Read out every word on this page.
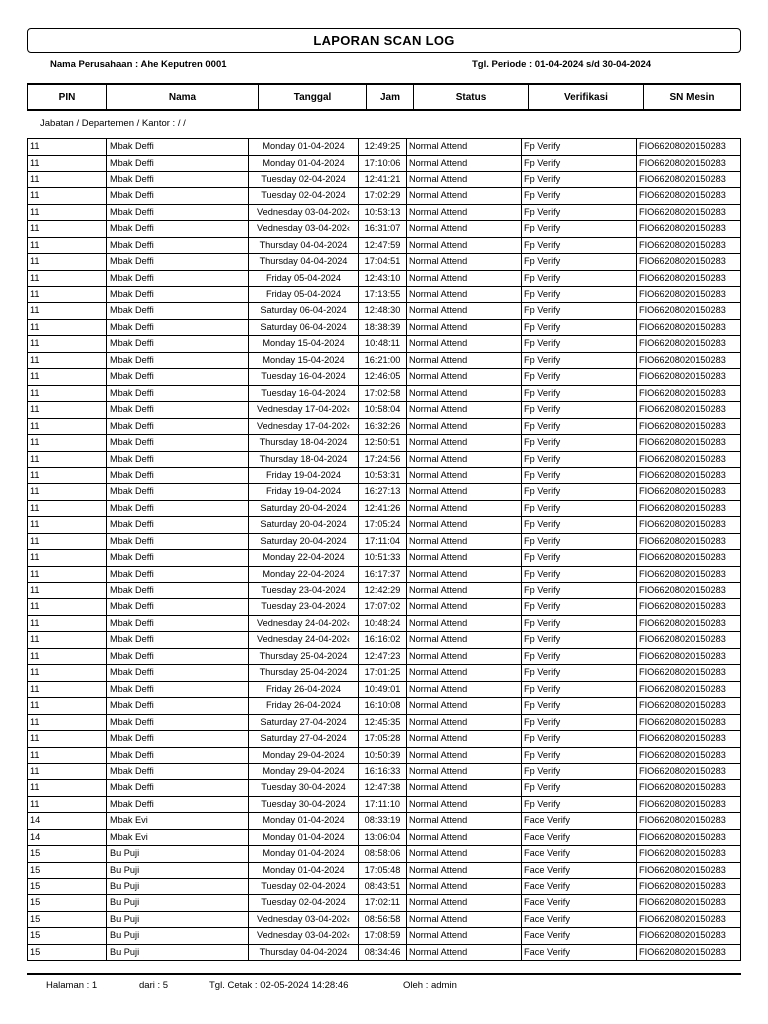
LAPORAN SCAN LOG
Nama Perusahaan : Ahe Keputren 0001	Tgl. Periode : 01-04-2024 s/d 30-04-2024
PIN	Nama	Tanggal	Jam	Status	Verifikasi	SN Mesin
Jabatan / Departemen / Kantor : / /
11	Mbak Deffi	Monday 01-04-2024	12:49:25 Normal Attend	Fp Verify	FIO66208020150283
11	Mbak Deffi	Monday 01-04-2024	17:10:06 Normal Attend	Fp Verify	FIO66208020150283
11	Mbak Deffi	Tuesday 02-04-2024	12:41:21 Normal Attend	Fp Verify	FIO66208020150283
11	Mbak Deffi	Tuesday 02-04-2024	17:02:29 Normal Attend	Fp Verify	FIO66208020150283
11	Mbak Deffi	Vednesday 03-04-202‹	10:53:13 Normal Attend	Fp Verify	FIO66208020150283
11	Mbak Deffi	Vednesday 03-04-202‹	16:31:07 Normal Attend	Fp Verify	FIO66208020150283
11	Mbak Deffi	Thursday 04-04-2024	12:47:59 Normal Attend	Fp Verify	FIO66208020150283
11	Mbak Deffi	Thursday 04-04-2024	17:04:51 Normal Attend	Fp Verify	FIO66208020150283
11	Mbak Deffi	Friday 05-04-2024	12:43:10 Normal Attend	Fp Verify	FIO66208020150283
11	Mbak Deffi	Friday 05-04-2024	17:13:55 Normal Attend	Fp Verify	FIO66208020150283
11	Mbak Deffi	Saturday 06-04-2024	12:48:30 Normal Attend	Fp Verify	FIO66208020150283
11	Mbak Deffi	Saturday 06-04-2024	18:38:39 Normal Attend	Fp Verify	FIO66208020150283
11	Mbak Deffi	Monday 15-04-2024	10:48:11 Normal Attend	Fp Verify	FIO66208020150283
11	Mbak Deffi	Monday 15-04-2024	16:21:00 Normal Attend	Fp Verify	FIO66208020150283
11	Mbak Deffi	Tuesday 16-04-2024	12:46:05 Normal Attend	Fp Verify	FIO66208020150283
11	Mbak Deffi	Tuesday 16-04-2024	17:02:58 Normal Attend	Fp Verify	FIO66208020150283
11	Mbak Deffi	Vednesday 17-04-202‹	10:58:04 Normal Attend	Fp Verify	FIO66208020150283
11	Mbak Deffi	Vednesday 17-04-202‹	16:32:26 Normal Attend	Fp Verify	FIO66208020150283
11	Mbak Deffi	Thursday 18-04-2024	12:50:51 Normal Attend	Fp Verify	FIO66208020150283
11	Mbak Deffi	Thursday 18-04-2024	17:24:56 Normal Attend	Fp Verify	FIO66208020150283
11	Mbak Deffi	Friday 19-04-2024	10:53:31 Normal Attend	Fp Verify	FIO66208020150283
11	Mbak Deffi	Friday 19-04-2024	16:27:13 Normal Attend	Fp Verify	FIO66208020150283
11	Mbak Deffi	Saturday 20-04-2024	12:41:26 Normal Attend	Fp Verify	FIO66208020150283
11	Mbak Deffi	Saturday 20-04-2024	17:05:24 Normal Attend	Fp Verify	FIO66208020150283
11	Mbak Deffi	Saturday 20-04-2024	17:11:04 Normal Attend	Fp Verify	FIO66208020150283
11	Mbak Deffi	Monday 22-04-2024	10:51:33 Normal Attend	Fp Verify	FIO66208020150283
11	Mbak Deffi	Monday 22-04-2024	16:17:37 Normal Attend	Fp Verify	FIO66208020150283
11	Mbak Deffi	Tuesday 23-04-2024	12:42:29 Normal Attend	Fp Verify	FIO66208020150283
11	Mbak Deffi	Tuesday 23-04-2024	17:07:02 Normal Attend	Fp Verify	FIO66208020150283
11	Mbak Deffi	Vednesday 24-04-202‹	10:48:24 Normal Attend	Fp Verify	FIO66208020150283
11	Mbak Deffi	Vednesday 24-04-202‹	16:16:02 Normal Attend	Fp Verify	FIO66208020150283
11	Mbak Deffi	Thursday 25-04-2024	12:47:23 Normal Attend	Fp Verify	FIO66208020150283
11	Mbak Deffi	Thursday 25-04-2024	17:01:25 Normal Attend	Fp Verify	FIO66208020150283
11	Mbak Deffi	Friday 26-04-2024	10:49:01 Normal Attend	Fp Verify	FIO66208020150283
11	Mbak Deffi	Friday 26-04-2024	16:10:08 Normal Attend	Fp Verify	FIO66208020150283
11	Mbak Deffi	Saturday 27-04-2024	12:45:35 Normal Attend	Fp Verify	FIO66208020150283
11	Mbak Deffi	Saturday 27-04-2024	17:05:28 Normal Attend	Fp Verify	FIO66208020150283
11	Mbak Deffi	Monday 29-04-2024	10:50:39 Normal Attend	Fp Verify	FIO66208020150283
11	Mbak Deffi	Monday 29-04-2024	16:16:33 Normal Attend	Fp Verify	FIO66208020150283
11	Mbak Deffi	Tuesday 30-04-2024	12:47:38 Normal Attend	Fp Verify	FIO66208020150283
11	Mbak Deffi	Tuesday 30-04-2024	17:11:10 Normal Attend	Fp Verify	FIO66208020150283
14	Mbak Evi	Monday 01-04-2024	08:33:19 Normal Attend	Face Verify	FIO66208020150283
14	Mbak Evi	Monday 01-04-2024	13:06:04 Normal Attend	Face Verify	FIO66208020150283
15	Bu Puji	Monday 01-04-2024	08:58:06 Normal Attend	Face Verify	FIO66208020150283
15	Bu Puji	Monday 01-04-2024	17:05:48 Normal Attend	Face Verify	FIO66208020150283
15	Bu Puji	Tuesday 02-04-2024	08:43:51 Normal Attend	Face Verify	FIO66208020150283
15	Bu Puji	Tuesday 02-04-2024	17:02:11 Normal Attend	Face Verify	FIO66208020150283
15	Bu Puji	Vednesday 03-04-202‹	08:56:58 Normal Attend	Face Verify	FIO66208020150283
15	Bu Puji	Vednesday 03-04-202‹	17:08:59 Normal Attend	Face Verify	FIO66208020150283
15	Bu Puji	Thursday 04-04-2024	08:34:46 Normal Attend	Face Verify	FIO66208020150283
Halaman : 1	dari : 5	Tgl. Cetak : 02-05-2024 14:28:46	Oleh : admin
